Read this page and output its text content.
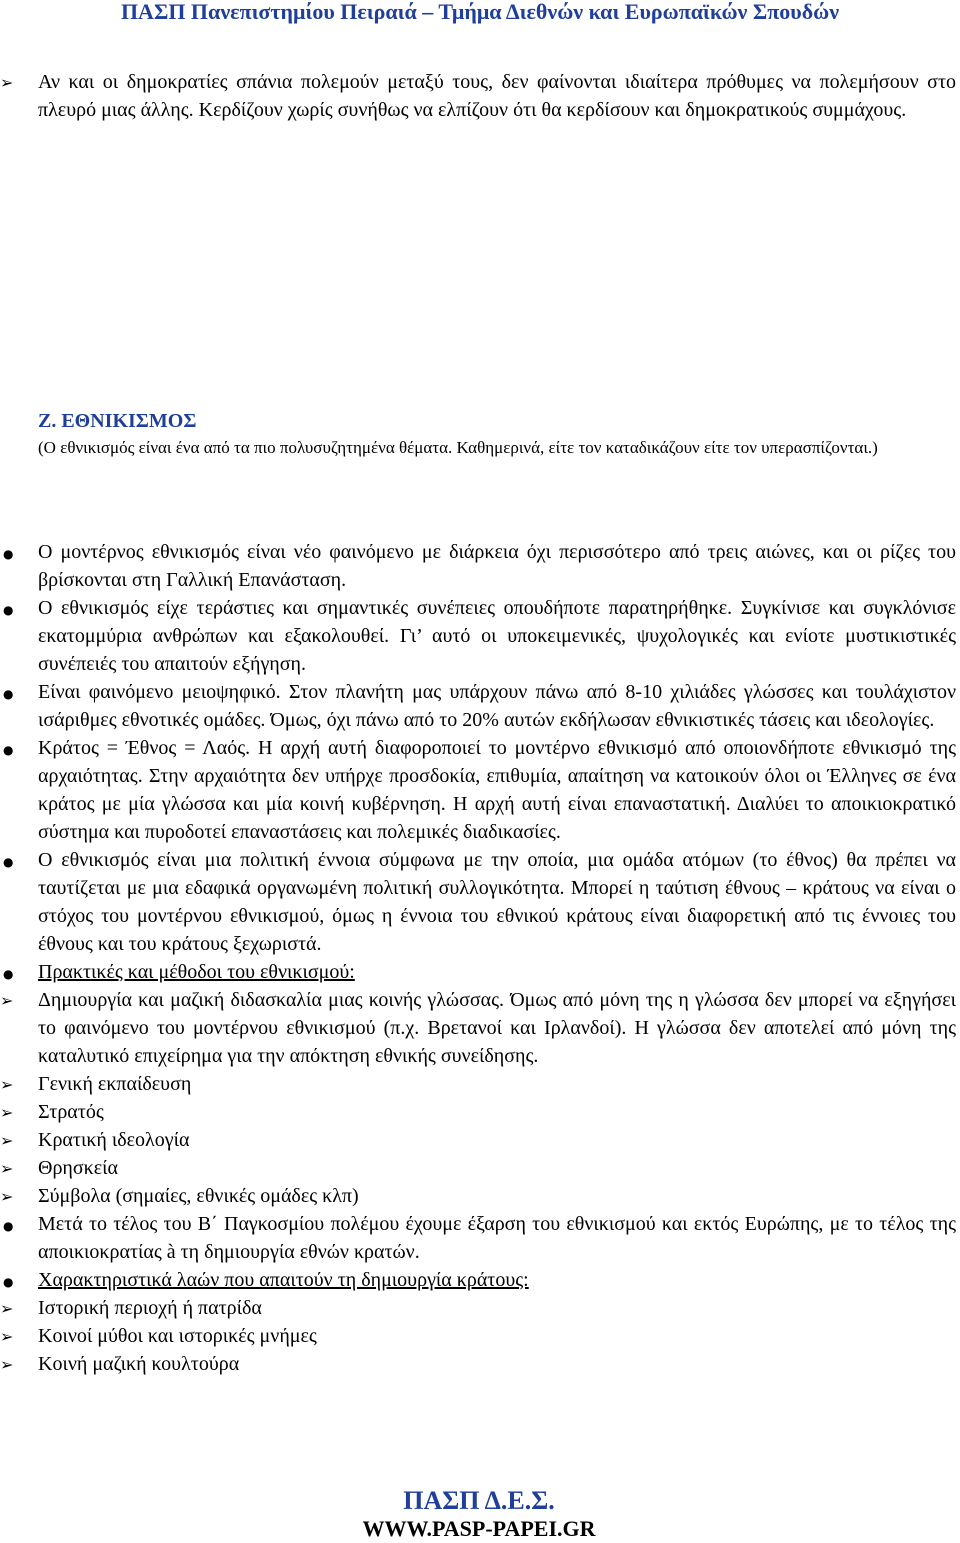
ΠΑΣΠ Πανεπιστημίου Πειραιά – Τμήμα Διεθνών και Ευρωπαϊκών Σπουδών
➢
Αν και οι δημοκρατίες σπάνια πολεμούν μεταξύ τους, δεν φαίνονται ιδιαίτερα πρόθυμες να πολεμήσουν στο πλευρό μιας άλλης. Κερδίζουν χωρίς συνήθως να ελπίζουν ότι θα κερδίσουν και δημοκρατικούς συμμάχους.
Ζ. ΕΘΝΙΚΙΣΜΟΣ
(Ο εθνικισμός είναι ένα από τα πιο πολυσυζητημένα θέματα. Καθημερινά, είτε τον καταδικάζουν είτε τον υπερασπίζονται.)
●
Ο μοντέρνος εθνικισμός είναι νέο φαινόμενο με διάρκεια όχι περισσότερο από τρεις αιώνες, και οι ρίζες του βρίσκονται στη Γαλλική Επανάσταση.
●
Ο εθνικισμός είχε τεράστιες και σημαντικές συνέπειες οπουδήποτε παρατηρήθηκε. Συγκίνισε και συγκλόνισε εκατομμύρια ανθρώπων και εξακολουθεί. Γι’ αυτό οι υποκειμενικές, ψυχολογικές και ενίοτε μυστικιστικές συνέπειές του απαιτούν εξήγηση.
●
Είναι φαινόμενο μειοψηφικό. Στον πλανήτη μας υπάρχουν πάνω από 8-10 χιλιάδες γλώσσες και τουλάχιστον ισάριθμες εθνοτικές ομάδες. Όμως, όχι πάνω από το 20% αυτών εκδήλωσαν εθνικιστικές τάσεις και ιδεολογίες.
●
Κράτος = Έθνος = Λαός. Η αρχή αυτή διαφοροποιεί το μοντέρνο εθνικισμό από οποιονδήποτε εθνικισμό της αρχαιότητας. Στην αρχαιότητα δεν υπήρχε προσδοκία, επιθυμία, απαίτηση να κατοικούν όλοι οι Έλληνες σε ένα κράτος με μία γλώσσα και μία κοινή κυβέρνηση. Η αρχή αυτή είναι επαναστατική. Διαλύει το αποικιοκρατικό σύστημα και πυροδοτεί επαναστάσεις και πολεμικές διαδικασίες.
●
Ο εθνικισμός είναι μια πολιτική έννοια σύμφωνα με την οποία, μια ομάδα ατόμων (το έθνος) θα πρέπει να ταυτίζεται με μια εδαφικά οργανωμένη πολιτική συλλογικότητα. Μπορεί η ταύτιση έθνους – κράτους να είναι ο στόχος του μοντέρνου εθνικισμού, όμως η έννοια του εθνικού κράτους είναι διαφορετική από τις έννοιες του έθνους και του κράτους ξεχωριστά.
●
Πρακτικές και μέθοδοι του εθνικισμού:
➢
Δημιουργία και μαζική διδασκαλία μιας κοινής γλώσσας. Όμως από μόνη της η γλώσσα δεν μπορεί να εξηγήσει το φαινόμενο του μοντέρνου εθνικισμού (π.χ. Βρετανοί και Ιρλανδοί). Η γλώσσα δεν αποτελεί από μόνη της καταλυτικό επιχείρημα για την απόκτηση εθνικής συνείδησης.
➢
Γενική εκπαίδευση
➢
Στρατός
➢
Κρατική ιδεολογία
➢
Θρησκεία
➢
Σύμβολα (σημαίες, εθνικές ομάδες κλπ)
●
Μετά το τέλος του Β΄ Παγκοσμίου πολέμου έχουμε έξαρση του εθνικισμού και εκτός Ευρώπης, με το τέλος της αποικιοκρατίας à τη δημιουργία εθνών κρατών.
●
Χαρακτηριστικά λαών που απαιτούν τη δημιουργία κράτους:
➢
Ιστορική περιοχή ή πατρίδα
➢
Κοινοί μύθοι και ιστορικές μνήμες
➢
Κοινή μαζική κουλτούρα
ΠΑΣΠ Δ.Ε.Σ.
WWW.PASP-PAPEI.GR
